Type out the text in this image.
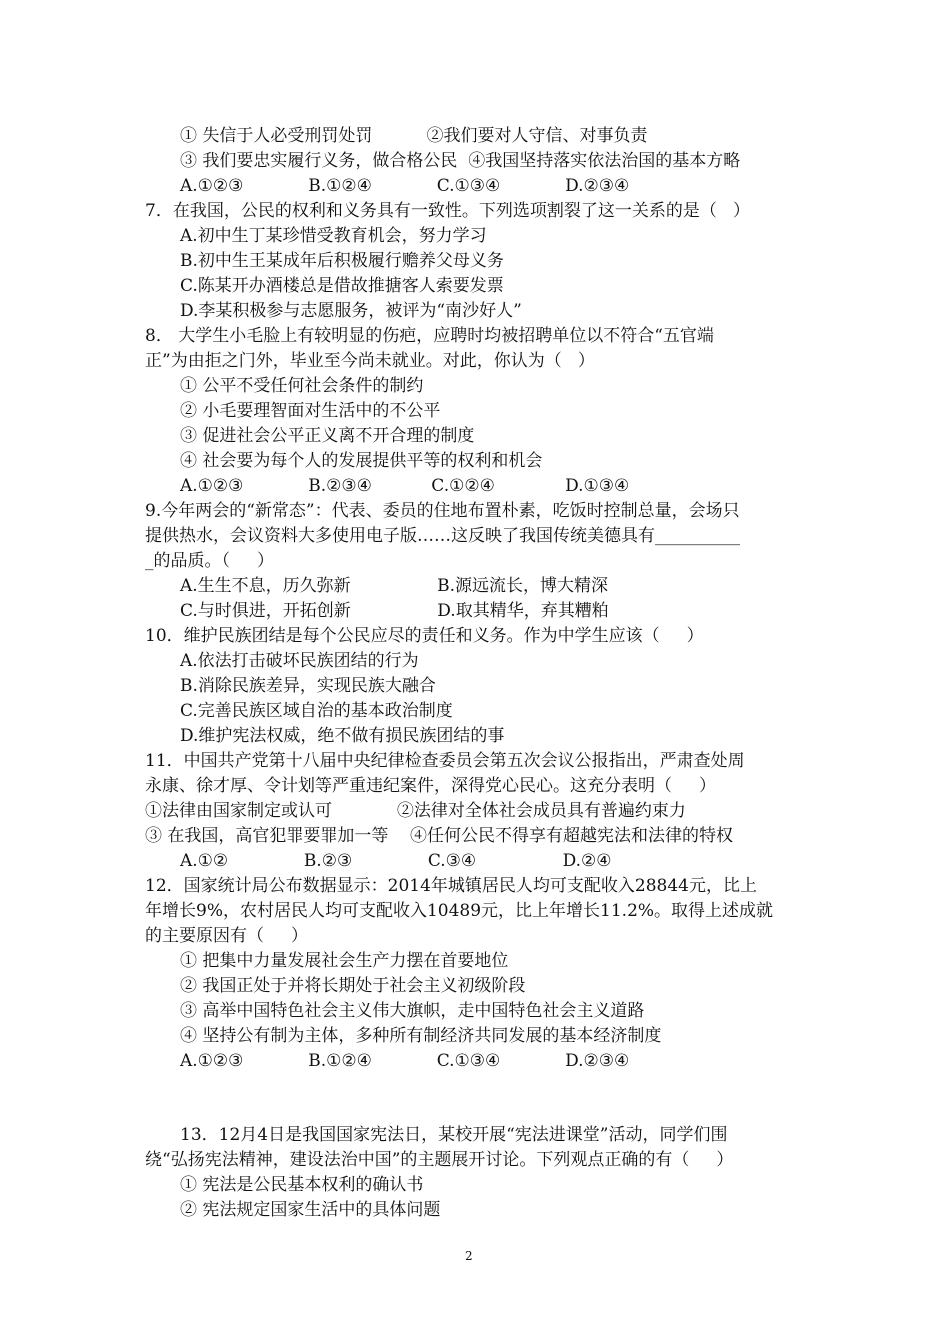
① 失信于人必受刑罚处罚          ②我们要对人守信、对事负责
③ 我们要忠实履行义务，做合格公民  ④我国坚持落实依法治国的基本方略
A.①②③            B.①②④            C.①③④            D.②③④
7．在我国，公民的权利和义务具有一致性。下列选项割裂了这一关系的是（   ）
A.初中生丁某珍惜受教育机会，努力学习
B.初中生王某成年后积极履行赡养父母义务
C.陈某开办酒楼总是借故推搪客人索要发票
D.李某积极参与志愿服务，被评为“南沙好人”
8． 大学生小毛脸上有较明显的伤疤，应聘时均被招聘单位以不符合“五官端
正”为由拒之门外，毕业至今尚未就业。对此，你认为（   ）
① 公平不受任何社会条件的制约
② 小毛要理智面对生活中的不公平
③ 促进社会公平正义离不开合理的制度
④ 社会要为每个人的发展提供平等的权利和机会
A.①②③            B.②③④           C.①②④             D.①③④
9.今年两会的“新常态”：代表、委员的住地布置朴素，吃饭时控制总量，会场只
提供热水，会议资料大多使用电子版……这反映了我国传统美德具有__________
_的品质。（     ）
A.生生不息，历久弥新                B.源远流长，博大精深
C.与时俱进，开拓创新                D.取其精华，弃其糟粕
10．维护民族团结是每个公民应尽的责任和义务。作为中学生应该（     ）
A.依法打击破坏民族团结的行为
B.消除民族差异，实现民族大融合
C.完善民族区域自治的基本政治制度
D.维护宪法权威，绝不做有损民族团结的事
11．中国共产党第十八届中央纪律检查委员会第五次会议公报指出，严肃查处周
永康、徐才厚、令计划等严重违纪案件，深得党心民心。这充分表明（     ）
①法律由国家制定或认可            ②法律对全体社会成员具有普遍约束力
③ 在我国，高官犯罪要罪加一等    ④任何公民不得享有超越宪法和法律的特权
A.①②              B.②③              C.③④                D.②④
12．国家统计局公布数据显示：2014年城镇居民人均可支配收入28844元，比上
年增长9%，农村居民人均可支配收入10489元，比上年增长11.2%。取得上述成就
的主要原因有（     ）
① 把集中力量发展社会生产力摆在首要地位
② 我国正处于并将长期处于社会主义初级阶段
③ 高举中国特色社会主义伟大旗帜，走中国特色社会主义道路
④ 坚持公有制为主体，多种所有制经济共同发展的基本经济制度
A.①②③            B.①②④            C.①③④            D.②③④
13．12月4日是我国国家宪法日，某校开展“宪法进课堂”活动，同学们围
绕“弘扬宪法精神，建设法治中国”的主题展开讨论。下列观点正确的有（     ）
① 宪法是公民基本权利的确认书
② 宪法规定国家生活中的具体问题
2
